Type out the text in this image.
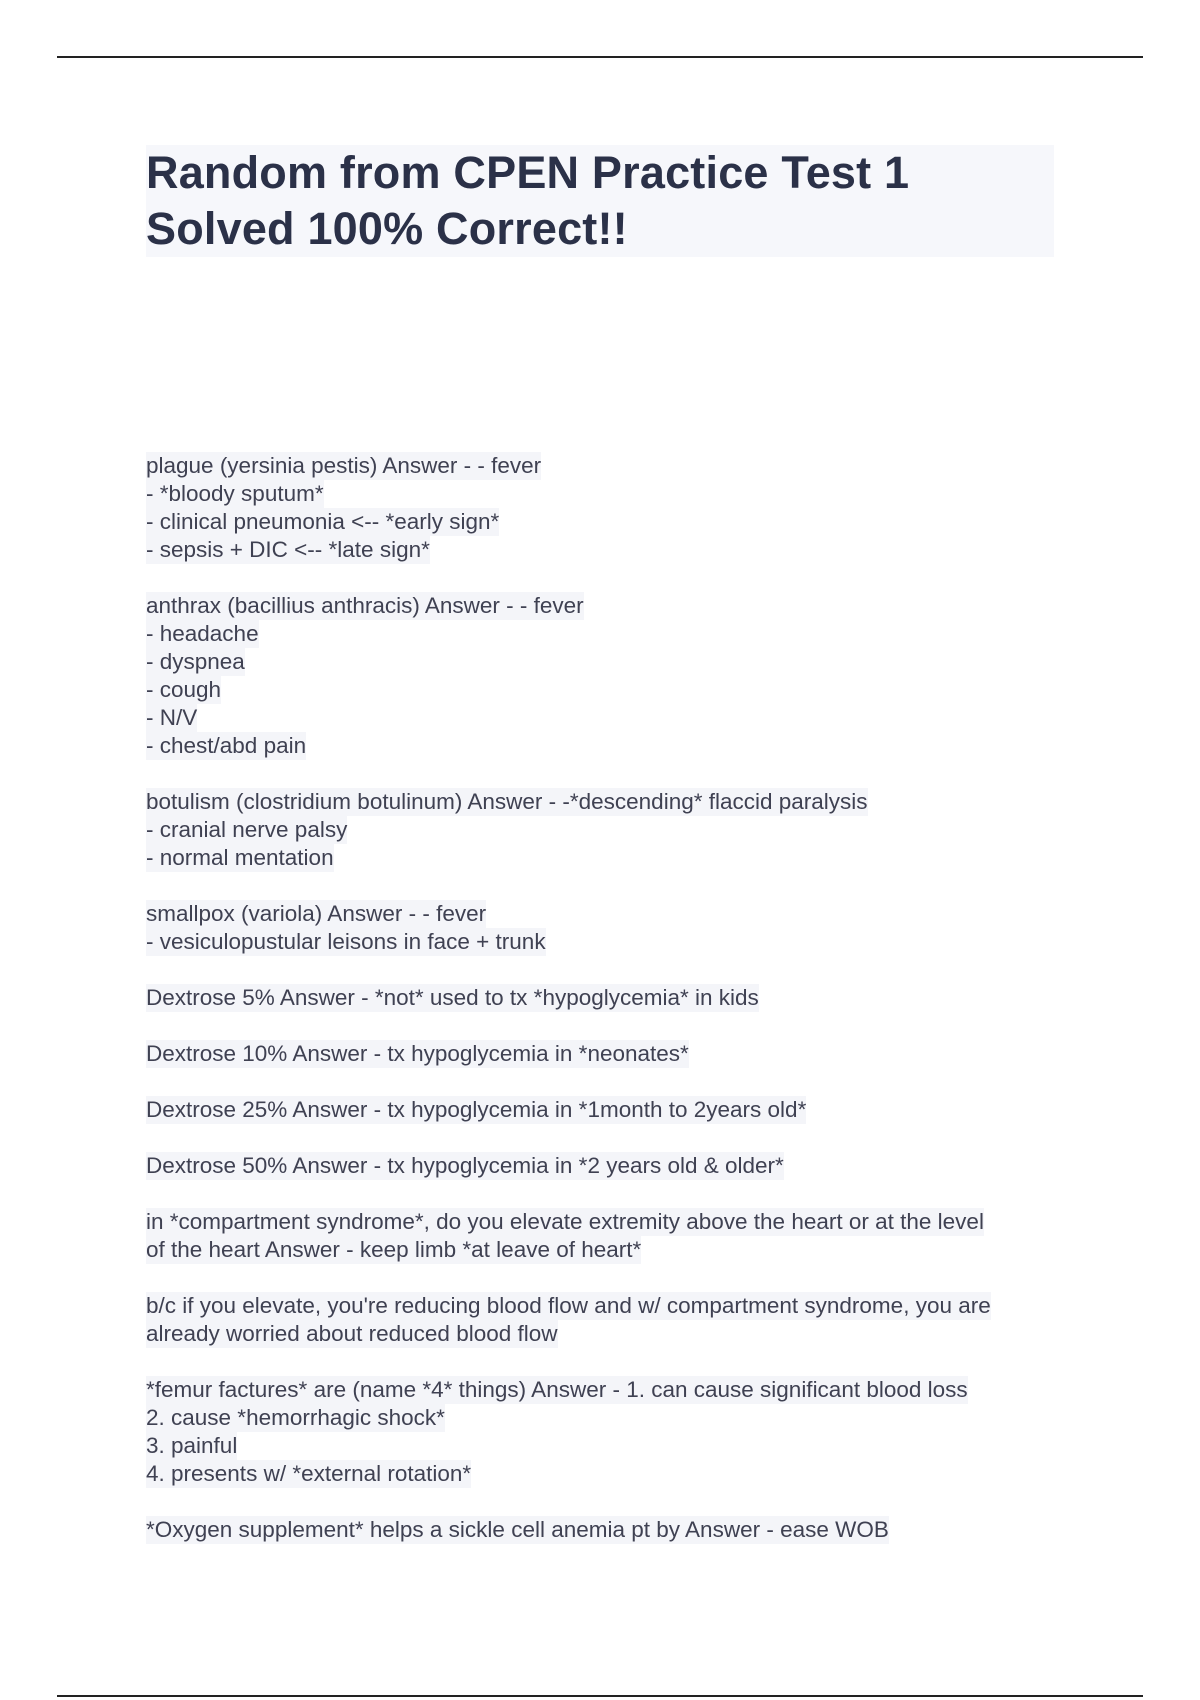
Random from CPEN Practice Test 1
Solved 100% Correct!!
plague (yersinia pestis) Answer - - fever
- *bloody sputum*
- clinical pneumonia <-- *early sign*
- sepsis + DIC <-- *late sign*
anthrax (bacillius anthracis) Answer - - fever
- headache
- dyspnea
- cough
- N/V
- chest/abd pain
botulism (clostridium botulinum) Answer - -*descending* flaccid paralysis
- cranial nerve palsy
- normal mentation
smallpox (variola) Answer - - fever
- vesiculopustular leisons in face + trunk
Dextrose 5% Answer - *not* used to tx *hypoglycemia* in kids
Dextrose 10% Answer - tx hypoglycemia in *neonates*
Dextrose 25% Answer - tx hypoglycemia in *1month to 2years old*
Dextrose 50% Answer - tx hypoglycemia in *2 years old & older*
in *compartment syndrome*, do you elevate extremity above the heart or at the level
of the heart Answer - keep limb *at leave of heart*
b/c if you elevate, you're reducing blood flow and w/ compartment syndrome, you are
already worried about reduced blood flow
*femur factures* are (name *4* things) Answer - 1. can cause significant blood loss
2. cause *hemorrhagic shock*
3. painful
4. presents w/ *external rotation*
*Oxygen supplement* helps a sickle cell anemia pt by Answer - ease WOB
